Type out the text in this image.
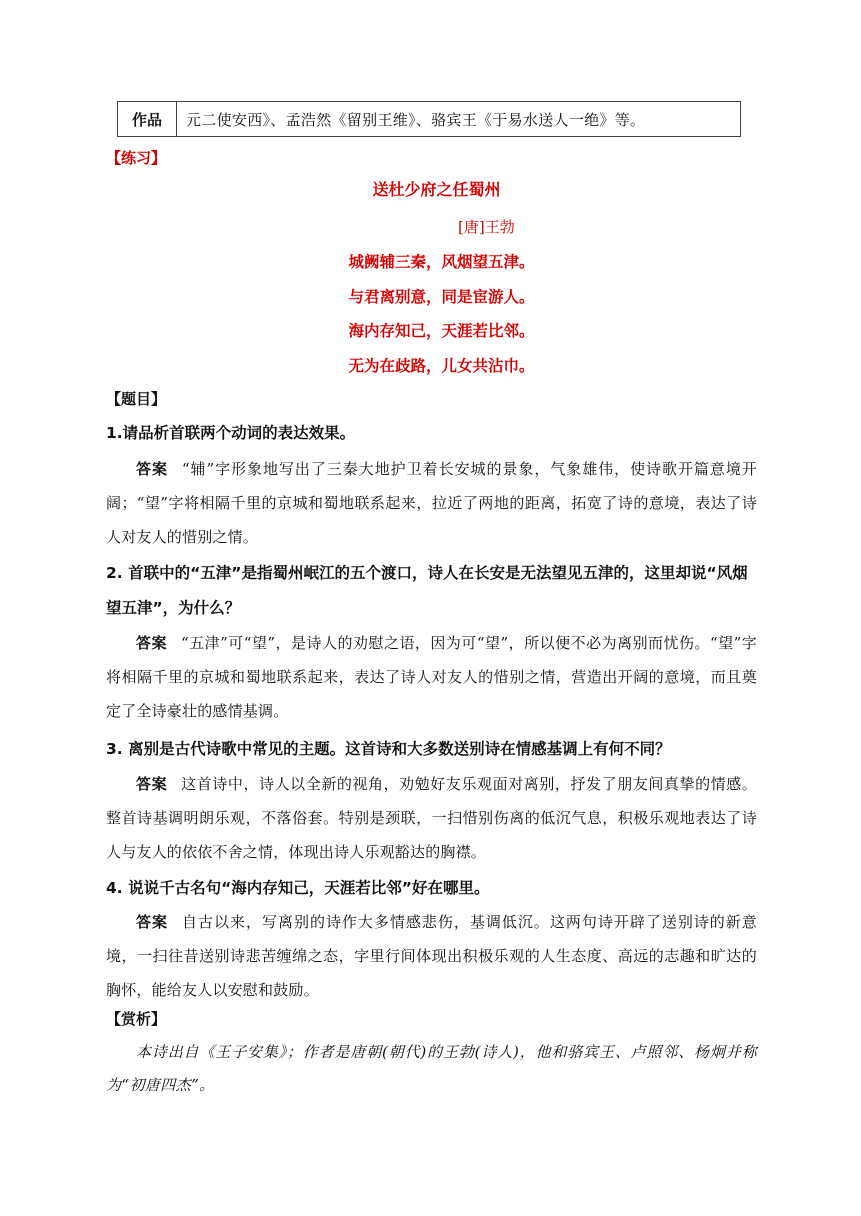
作品	元二使安西》、孟浩然《留别王维》、骆宾王《于易水送人一绝》等。
【练习】
送杜少府之任蜀州
[唐]王勃
城阙辅三秦，风烟望五津。
与君离别意，同是宦游人。
海内存知己，天涯若比邻。
无为在歧路，儿女共沾巾。
【题目】
1.请品析首联两个动词的表达效果。
答案 “辅”字形象地写出了三秦大地护卫着长安城的景象，气象雄伟，使诗歌开篇意境开阔；“望”字将相隔千里的京城和蜀地联系起来，拉近了两地的距离，拓宽了诗的意境，表达了诗人对友人的惜别之情。
2. 首联中的“五津”是指蜀州岷江的五个渡口，诗人在长安是无法望见五津的，这里却说“风烟望五津”，为什么？
答案 “五津”可“望”，是诗人的劝慰之语，因为可“望”，所以便不必为离别而忧伤。“望”字将相隔千里的京城和蜀地联系起来，表达了诗人对友人的惜别之情，营造出开阔的意境，而且奠定了全诗豪壮的感情基调。
3. 离别是古代诗歌中常见的主题。这首诗和大多数送别诗在情感基调上有何不同？
答案 这首诗中，诗人以全新的视角，劝勉好友乐观面对离别，抒发了朋友间真挚的情感。整首诗基调明朗乐观，不落俗套。特别是颈联，一扫惜别伤离的低沉气息，积极乐观地表达了诗人与友人的依依不舍之情，体现出诗人乐观豁达的胸襟。
4. 说说千古名句“海内存知己，天涯若比邻”好在哪里。
答案 自古以来，写离别的诗作大多情感悲伤，基调低沉。这两句诗开辟了送别诗的新意境，一扫往昔送别诗悲苦缠绵之态，字里行间体现出积极乐观的人生态度、高远的志趣和旷达的胸怀，能给友人以安慰和鼓励。
【赏析】
本诗出自《王子安集》；作者是唐朝(朝代)的王勃(诗人)，他和骆宾王、卢照邻、杨炯并称为“初唐四杰”。
